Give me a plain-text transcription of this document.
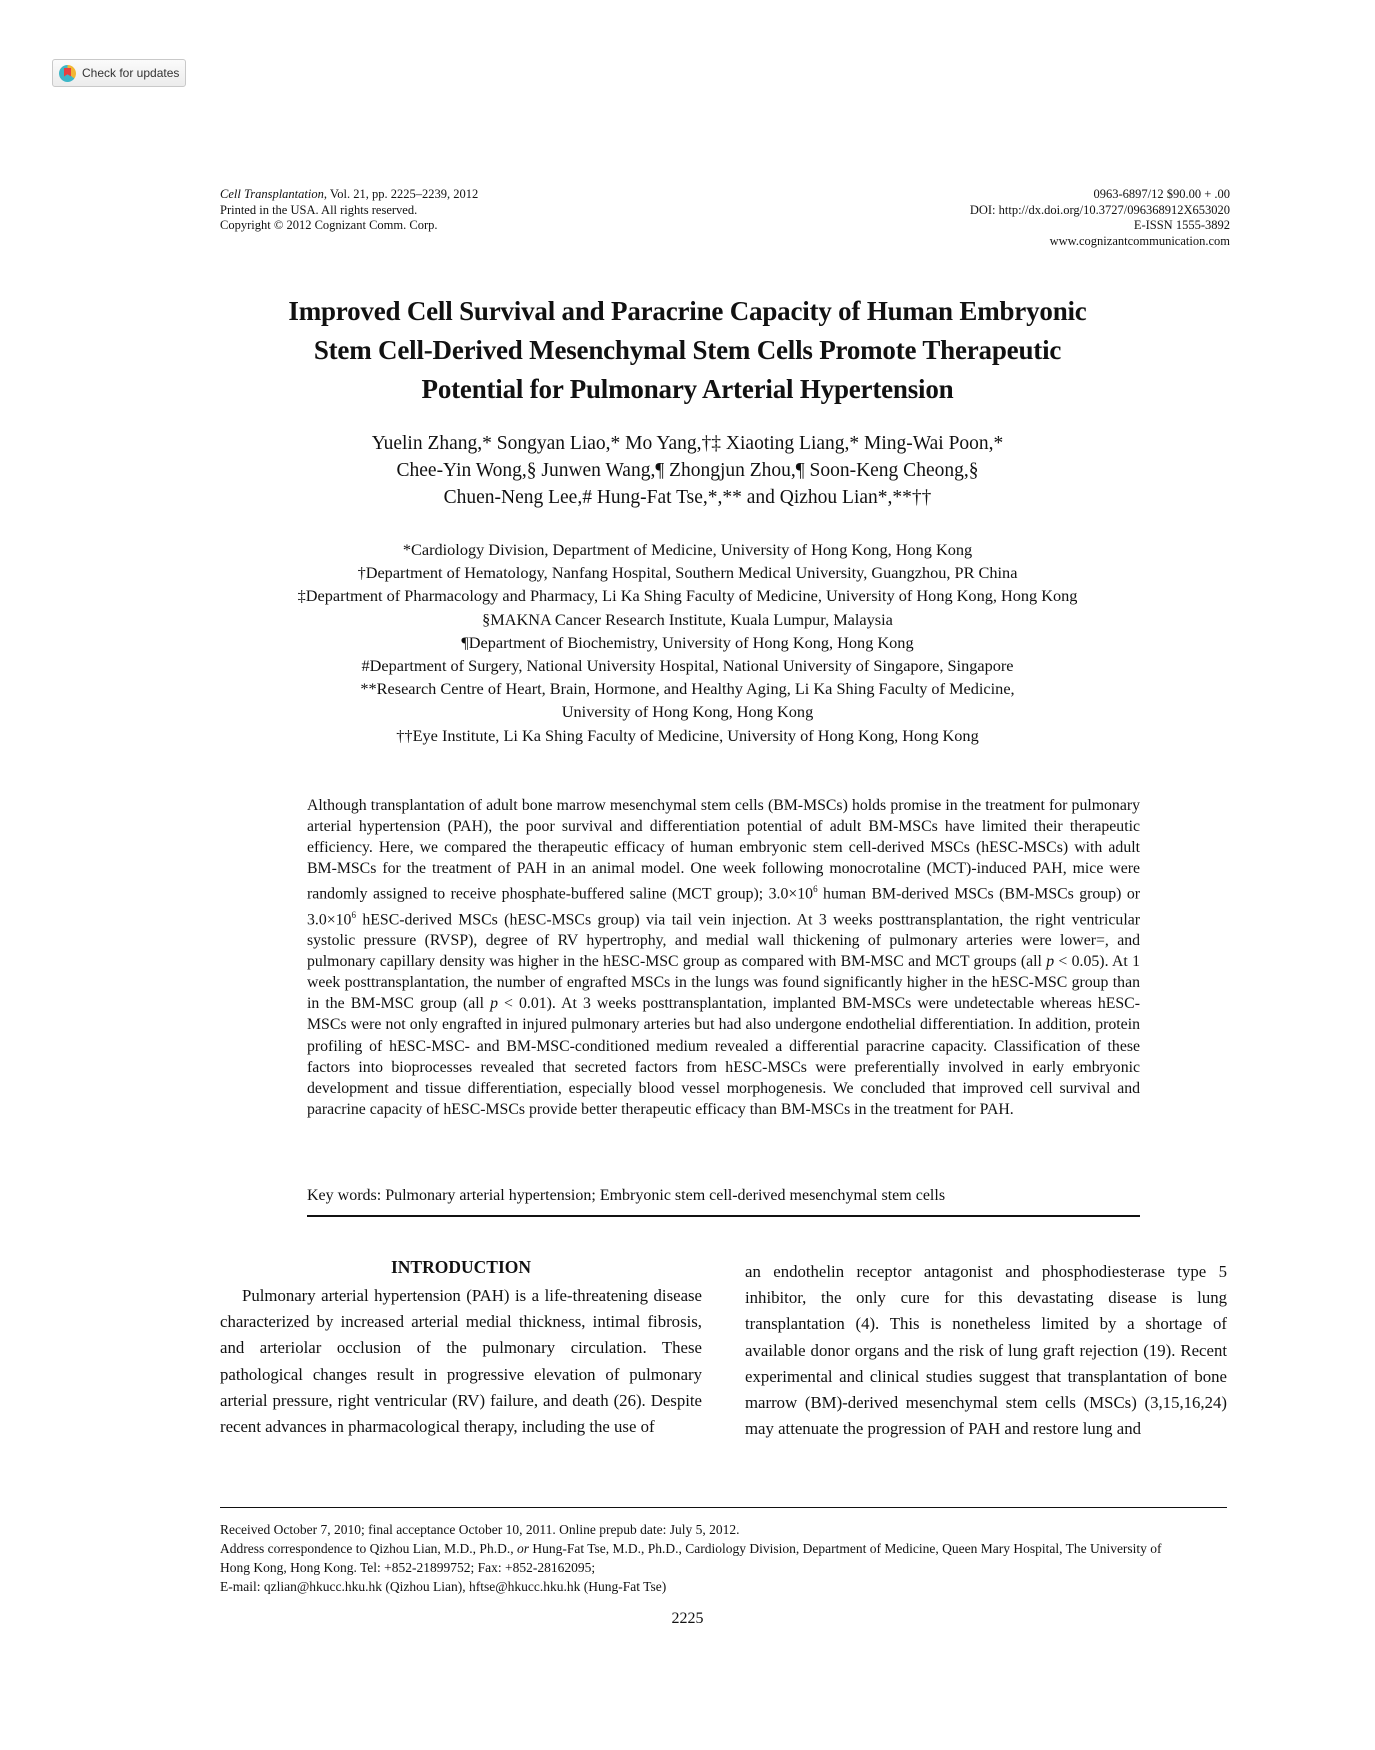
Check for updates
Cell Transplantation, Vol. 21, pp. 2225–2239, 2012
Printed in the USA. All rights reserved.
Copyright © 2012 Cognizant Comm. Corp.
0963-6897/12 $90.00 + .00
DOI: http://dx.doi.org/10.3727/096368912X653020
E-ISSN 1555-3892
www.cognizantcommunication.com
Improved Cell Survival and Paracrine Capacity of Human Embryonic
Stem Cell-Derived Mesenchymal Stem Cells Promote Therapeutic
Potential for Pulmonary Arterial Hypertension
Yuelin Zhang,* Songyan Liao,* Mo Yang,†‡ Xiaoting Liang,* Ming-Wai Poon,*
Chee-Yin Wong,§ Junwen Wang,¶ Zhongjun Zhou,¶ Soon-Keng Cheong,§
Chuen-Neng Lee,# Hung-Fat Tse,*,** and Qizhou Lian*,**††
*Cardiology Division, Department of Medicine, University of Hong Kong, Hong Kong
†Department of Hematology, Nanfang Hospital, Southern Medical University, Guangzhou, PR China
‡Department of Pharmacology and Pharmacy, Li Ka Shing Faculty of Medicine, University of Hong Kong, Hong Kong
§MAKNA Cancer Research Institute, Kuala Lumpur, Malaysia
¶Department of Biochemistry, University of Hong Kong, Hong Kong
#Department of Surgery, National University Hospital, National University of Singapore, Singapore
**Research Centre of Heart, Brain, Hormone, and Healthy Aging, Li Ka Shing Faculty of Medicine,
University of Hong Kong, Hong Kong
††Eye Institute, Li Ka Shing Faculty of Medicine, University of Hong Kong, Hong Kong
Although transplantation of adult bone marrow mesenchymal stem cells (BM-MSCs) holds promise in the treatment for pulmonary arterial hypertension (PAH), the poor survival and differentiation potential of adult BM-MSCs have limited their therapeutic efficiency. Here, we compared the therapeutic efficacy of human embryonic stem cell-derived MSCs (hESC-MSCs) with adult BM-MSCs for the treatment of PAH in an animal model. One week following monocrotaline (MCT)-induced PAH, mice were randomly assigned to receive phosphate-buffered saline (MCT group); $3.0\times 10^6$ human BM-derived MSCs (BM-MSCs group) or $3.0\times 10^6$ hESC-derived MSCs (hESC-MSCs group) via tail vein injection. At 3 weeks posttransplantation, the right ventricular systolic pressure (RVSP), degree of RV hypertrophy, and medial wall thickening of pulmonary arteries were lower=, and pulmonary capillary density was higher in the hESC-MSC group as compared with BM-MSC and MCT groups (all p < 0.05). At 1 week posttransplantation, the number of engrafted MSCs in the lungs was found significantly higher in the hESC-MSC group than in the BM-MSC group (all p < 0.01). At 3 weeks posttransplantation, implanted BM-MSCs were undetectable whereas hESC-MSCs were not only engrafted in injured pulmonary arteries but had also undergone endothelial differentiation. In addition, protein profiling of hESC-MSC- and BM-MSC-conditioned medium revealed a differential paracrine capacity. Classification of these factors into bioprocesses revealed that secreted factors from hESC-MSCs were preferentially involved in early embryonic development and tissue differentiation, especially blood vessel morphogenesis. We concluded that improved cell survival and paracrine capacity of hESC-MSCs provide better therapeutic efficacy than BM-MSCs in the treatment for PAH.
Key words: Pulmonary arterial hypertension; Embryonic stem cell-derived mesenchymal stem cells
INTRODUCTION

Pulmonary arterial hypertension (PAH) is a life-threatening disease characterized by increased arterial medial thickness, intimal fibrosis, and arteriolar occlusion of the pulmonary circulation. These pathological changes result in progressive elevation of pulmonary arterial pressure, right ventricular (RV) failure, and death (26). Despite recent advances in pharmacological therapy, including the use of

an endothelin receptor antagonist and phosphodiesterase type 5 inhibitor, the only cure for this devastating disease is lung transplantation (4). This is nonetheless limited by a shortage of available donor organs and the risk of lung graft rejection (19). Recent experimental and clinical studies suggest that transplantation of bone marrow (BM)-derived mesenchymal stem cells (MSCs) (3,15,16,24) may attenuate the progression of PAH and restore lung and

Received October 7, 2010; final acceptance October 10, 2011. Online prepub date: July 5, 2012.
Address correspondence to Qizhou Lian, M.D., Ph.D., or Hung-Fat Tse, M.D., Ph.D., Cardiology Division, Department of Medicine, Queen Mary Hospital, The University of Hong Kong, Hong Kong. Tel: +852-21899752; Fax: +852-28162095;
E-mail: qzlian@hkucc.hku.hk (Qizhou Lian), hftse@hkucc.hku.hk (Hung-Fat Tse)
2225
